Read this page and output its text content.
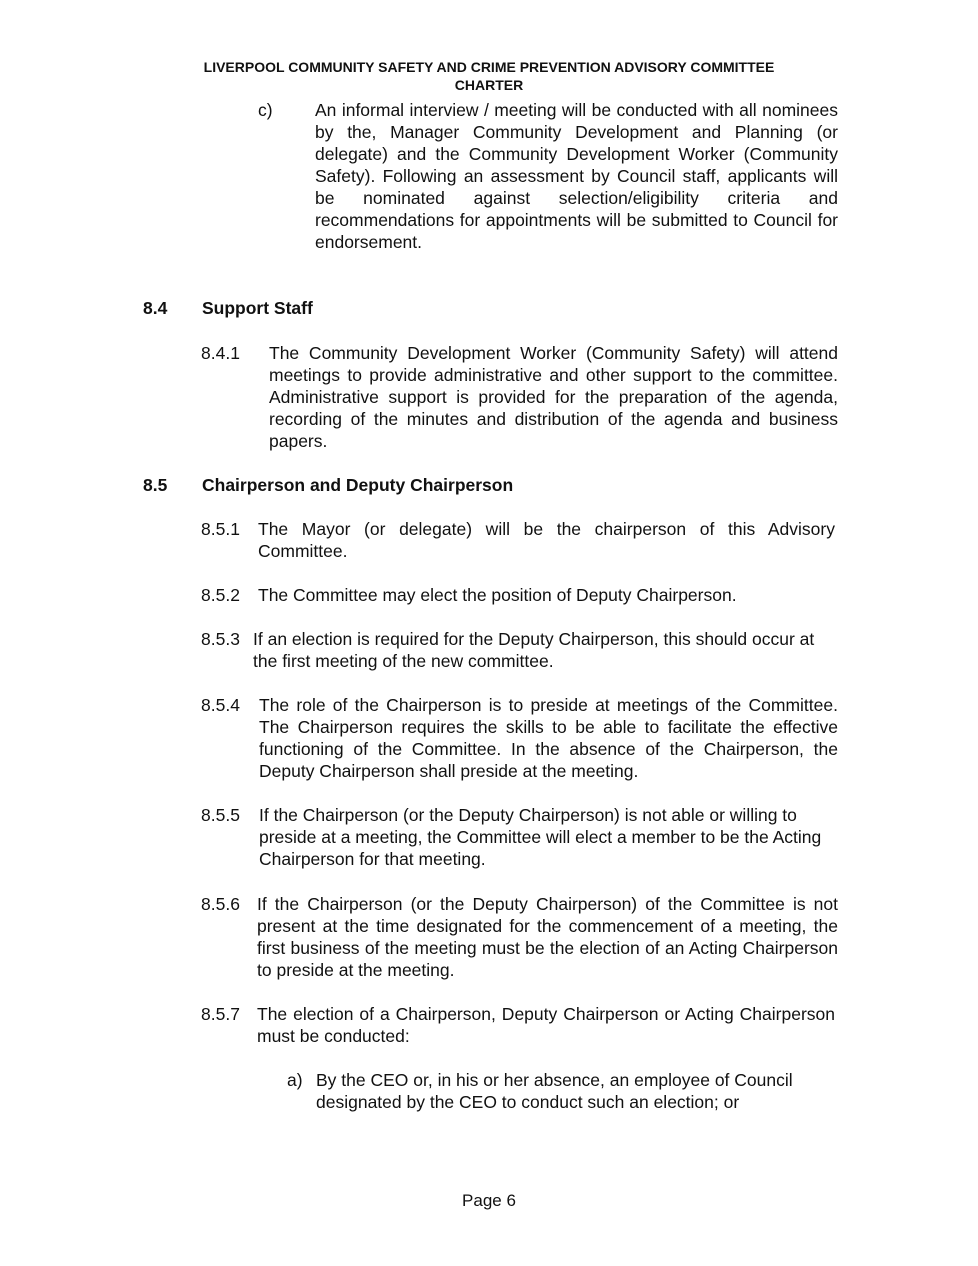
LIVERPOOL COMMUNITY SAFETY AND CRIME PREVENTION ADVISORY COMMITTEE
CHARTER
c) An informal interview / meeting will be conducted with all nominees by the, Manager Community Development and Planning (or delegate) and the Community Development Worker (Community Safety). Following an assessment by Council staff, applicants will be nominated against selection/eligibility criteria and recommendations for appointments will be submitted to Council for endorsement.
8.4 Support Staff
8.4.1 The Community Development Worker (Community Safety) will attend meetings to provide administrative and other support to the committee. Administrative support is provided for the preparation of the agenda, recording of the minutes and distribution of the agenda and business papers.
8.5 Chairperson and Deputy Chairperson
8.5.1 The Mayor (or delegate) will be the chairperson of this Advisory Committee.
8.5.2 The Committee may elect the position of Deputy Chairperson.
8.5.3 If an election is required for the Deputy Chairperson, this should occur at the first meeting of the new committee.
8.5.4 The role of the Chairperson is to preside at meetings of the Committee. The Chairperson requires the skills to be able to facilitate the effective functioning of the Committee. In the absence of the Chairperson, the Deputy Chairperson shall preside at the meeting.
8.5.5 If the Chairperson (or the Deputy Chairperson) is not able or willing to preside at a meeting, the Committee will elect a member to be the Acting Chairperson for that meeting.
8.5.6 If the Chairperson (or the Deputy Chairperson) of the Committee is not present at the time designated for the commencement of a meeting, the first business of the meeting must be the election of an Acting Chairperson to preside at the meeting.
8.5.7 The election of a Chairperson, Deputy Chairperson or Acting Chairperson must be conducted:
a) By the CEO or, in his or her absence, an employee of Council designated by the CEO to conduct such an election; or
Page 6
